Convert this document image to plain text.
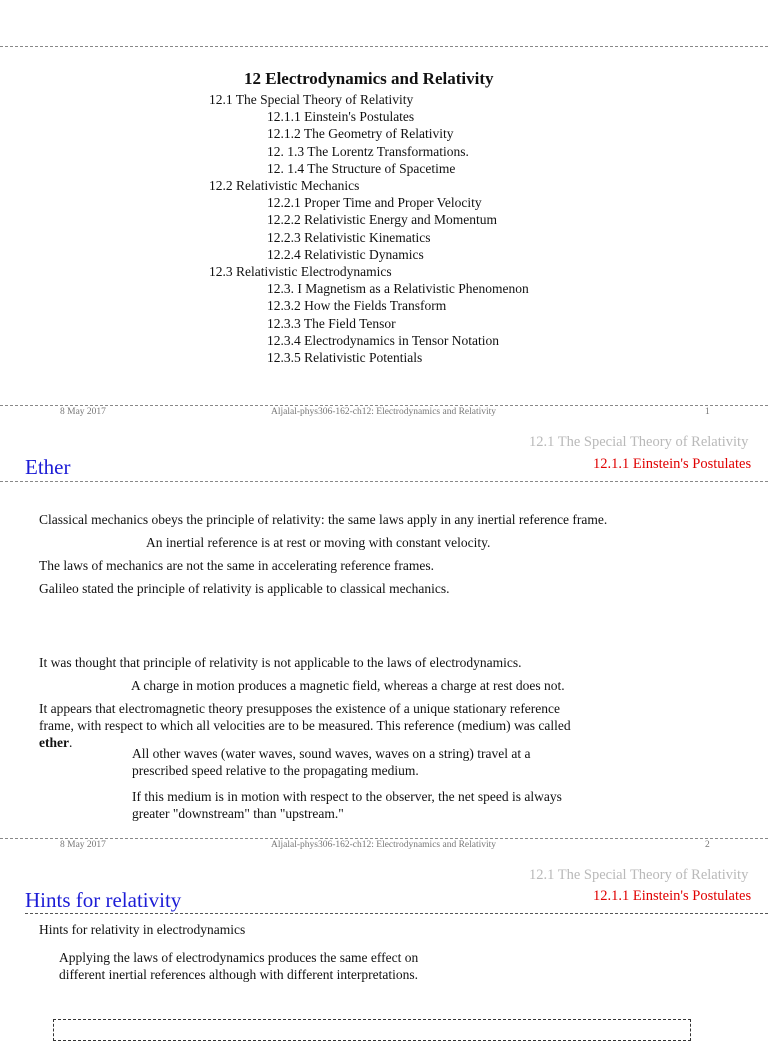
12 Electrodynamics and Relativity
12.1 The Special Theory of Relativity
12.1.1 Einstein's Postulates
12.1.2 The Geometry of Relativity
12. 1.3 The Lorentz Transformations.
12. 1.4 The Structure of Spacetime
12.2 Relativistic Mechanics
12.2.1 Proper Time and Proper Velocity
12.2.2 Relativistic Energy and Momentum
12.2.3 Relativistic Kinematics
12.2.4 Relativistic Dynamics
12.3 Relativistic Electrodynamics
12.3. I Magnetism as a Relativistic Phenomenon
12.3.2 How the Fields Transform
12.3.3 The Field Tensor
12.3.4 Electrodynamics in Tensor Notation
12.3.5 Relativistic Potentials
8 May 2017	Aljalal-phys306-162-ch12: Electrodynamics and Relativity	1
12.1 The Special Theory of Relativity
Ether	12.1.1 Einstein's Postulates
Classical mechanics obeys the principle of relativity: the same laws apply in any inertial reference frame.
An inertial reference is at rest or moving with constant velocity.
The laws of mechanics are not the same in accelerating reference frames.
Galileo stated the principle of relativity is applicable to classical mechanics.
It was thought that principle of relativity is not applicable to the laws of electrodynamics.
A charge in motion produces a magnetic field, whereas a charge at rest does not.
It appears that electromagnetic theory presupposes the existence of a unique stationary reference
frame, with respect to which all velocities are to be measured. This reference (medium) was called
ether.
All other waves (water waves, sound waves, waves on a string) travel at a
prescribed speed relative to the propagating medium.
If this medium is in motion with respect to the observer, the net speed is always
greater "downstream" than "upstream."
8 May 2017	Aljalal-phys306-162-ch12: Electrodynamics and Relativity	2
12.1 The Special Theory of Relativity
Hints for relativity	12.1.1 Einstein's Postulates
Hints for relativity in electrodynamics
Applying the laws of electrodynamics produces the same effect on
different inertial references although with different interpretations.
